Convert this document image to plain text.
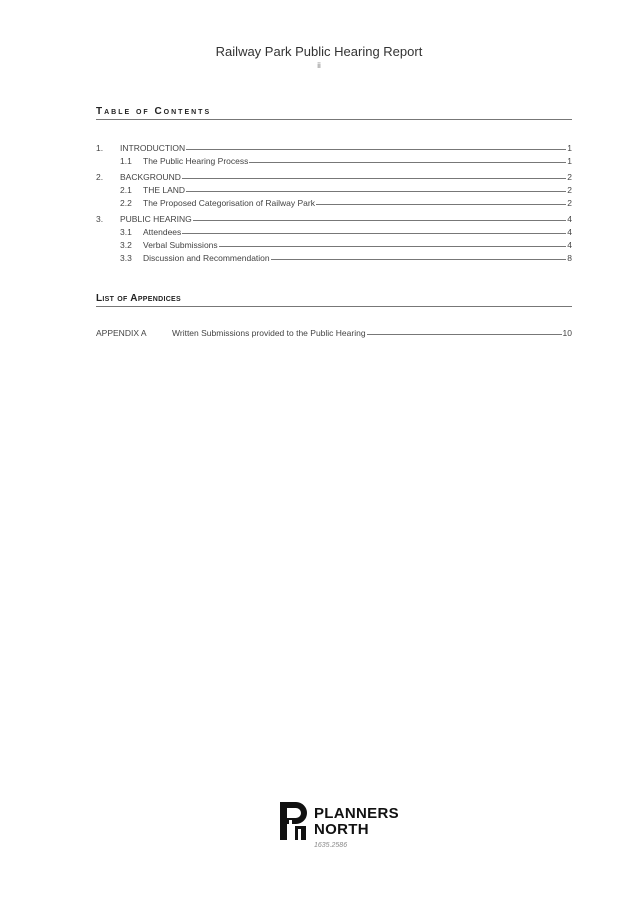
Railway Park Public Hearing Report
ii
Table of Contents
1.	INTRODUCTION	1
1.1	The Public Hearing Process	1
2.	BACKGROUND	2
2.1	THE LAND	2
2.2	The Proposed Categorisation of Railway Park	2
3.	PUBLIC HEARING	4
3.1	Attendees	4
3.2	Verbal Submissions	4
3.3	Discussion and Recommendation	8
List of Appendices
APPENDIX A	Written Submissions provided to the Public Hearing	10
PLANNERS
NORTH
1635.2586
